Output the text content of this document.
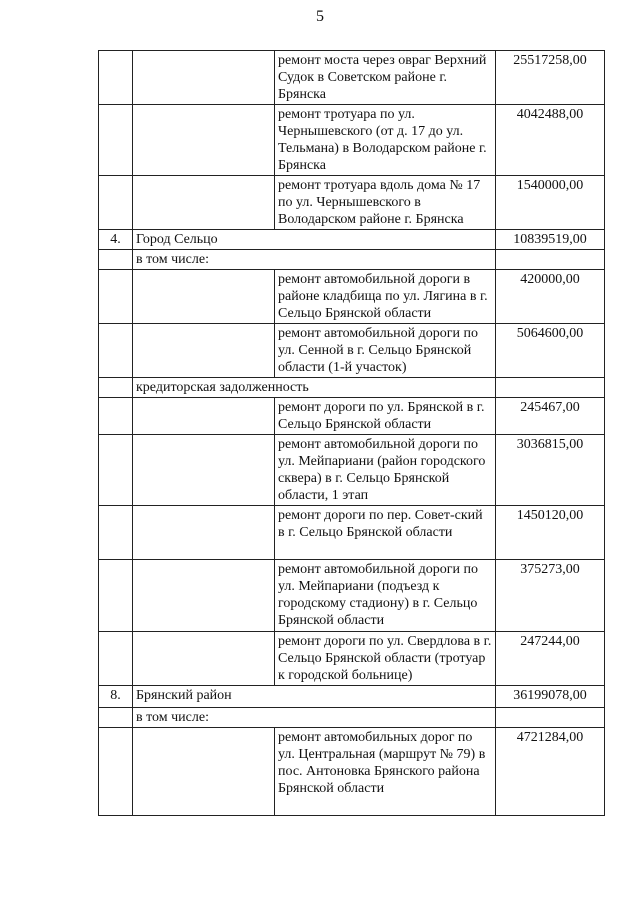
5
		ремонт моста через овраг Верхний Судок в Советском районе г. Брянска	25517258,00
		ремонт тротуара по ул. Чернышевского (от д. 17 до ул. Тельмана) в Володарском районе г. Брянска	4042488,00
		ремонт тротуара вдоль дома № 17 по ул. Чернышевского в Володарском районе г. Брянска	1540000,00
4.	Город Сельцо		10839519,00
	в том числе:		
		ремонт автомобильной дороги в районе кладбища по ул. Лягина в г. Сельцо Брянской области	420000,00
		ремонт автомобильной дороги по ул. Сенной в г. Сельцо Брянской области (1-й участок)	5064600,00
	кредиторская задолженность		
		ремонт дороги по ул. Брянской в г. Сельцо Брянской области	245467,00
		ремонт автомобильной дороги по ул. Мейпариани (район городского сквера) в г. Сельцо Брянской области, 1 этап	3036815,00
		ремонт дороги по пер. Совет-ский в г. Сельцо Брянской области	1450120,00
		ремонт автомобильной дороги по ул. Мейпариани (подъезд к городскому стадиону) в г. Сельцо Брянской области	375273,00
		ремонт дороги по ул. Свердлова в г. Сельцо Брянской области (тротуар к городской больнице)	247244,00
8.	Брянский район		36199078,00
	в том числе:		
		ремонт автомобильных дорог по ул. Центральная (маршрут № 79) в пос. Антоновка Брянского района Брянской области	4721284,00
